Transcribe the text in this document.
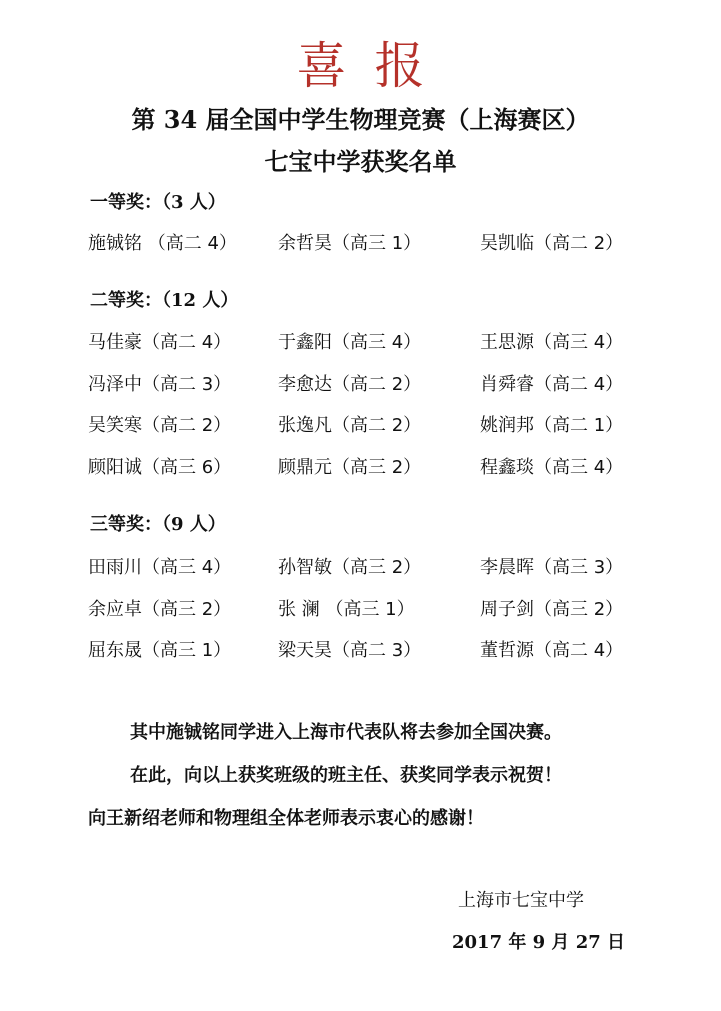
喜报
第 34 届全国中学生物理竞赛（上海赛区）
七宝中学获奖名单
一等奖：（3 人）
施铖铭 （高二 4） 余哲昊（高三 1）	吴凯临（高二 2）
二等奖：（12 人）
马佳豪（高二 4）	于鑫阳（高三 4）	王思源（高三 4）
冯泽中（高二 3）	李愈达（高二 2）	肖舜睿（高二 4）
吴笑寒（高二 2）	张逸凡（高二 2）	姚润邦（高二 1）
顾阳诚（高三 6）	顾鼎元（高三 2）	程鑫琰（高三 4）
三等奖：（9 人）
田雨川（高三 4）	孙智敏（高三 2）	李晨晖（高三 3）
余应卓（高三 2）	张 澜 （高三 1）	周子剑（高三 2）
屈东晟（高三 1）	梁天昊（高二 3）	董哲源（高二 4）
其中施铖铭同学进入上海市代表队将去参加全国决赛。
在此，向以上获奖班级的班主任、获奖同学表示祝贺！
向王新绍老师和物理组全体老师表示衷心的感谢！
上海市七宝中学
2017 年 9 月 27 日
